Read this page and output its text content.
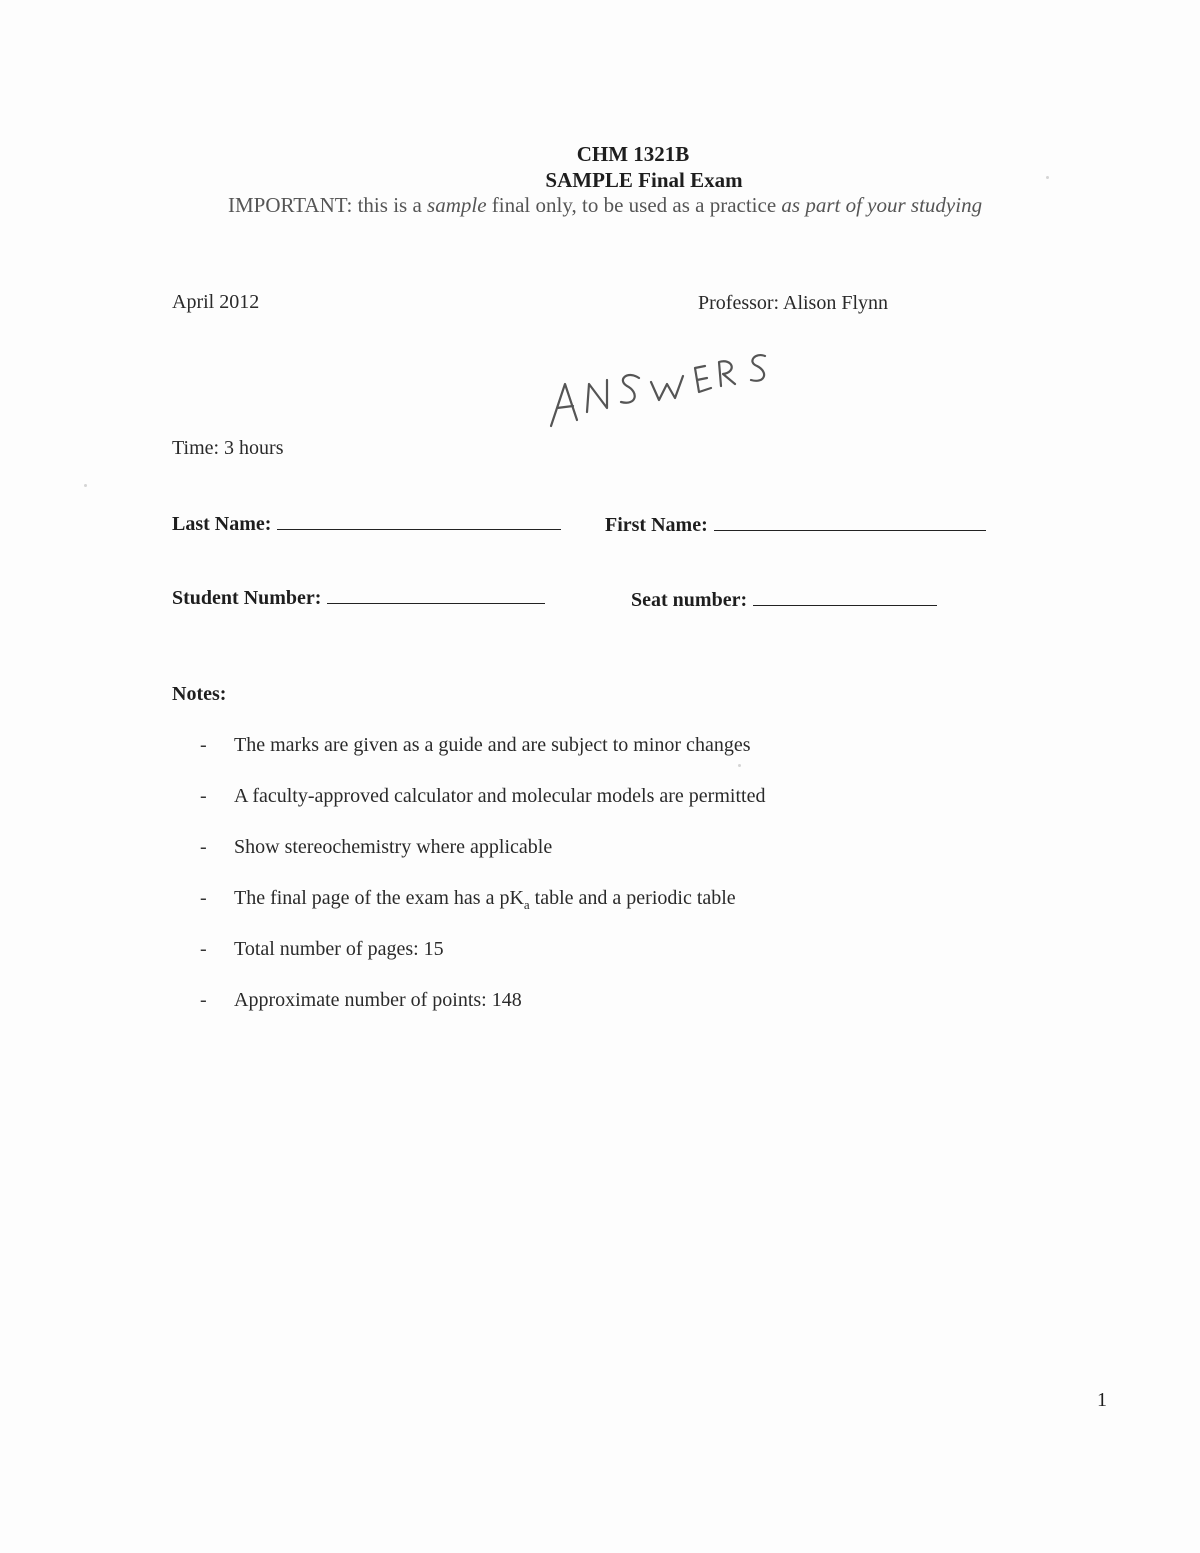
CHM 1321B
SAMPLE Final Exam
IMPORTANT: this is a sample final only, to be used as a practice as part of your studying
April 2012	Professor: Alison Flynn
Time: 3 hours
Last Name:	First Name:
Student Number:	Seat number:
Notes:
- The marks are given as a guide and are subject to minor changes
- A faculty-approved calculator and molecular models are permitted
- Show stereochemistry where applicable
- The final page of the exam has a $pK_a$ table and a periodic table
- Total number of pages: 15
- Approximate number of points: 148
1
